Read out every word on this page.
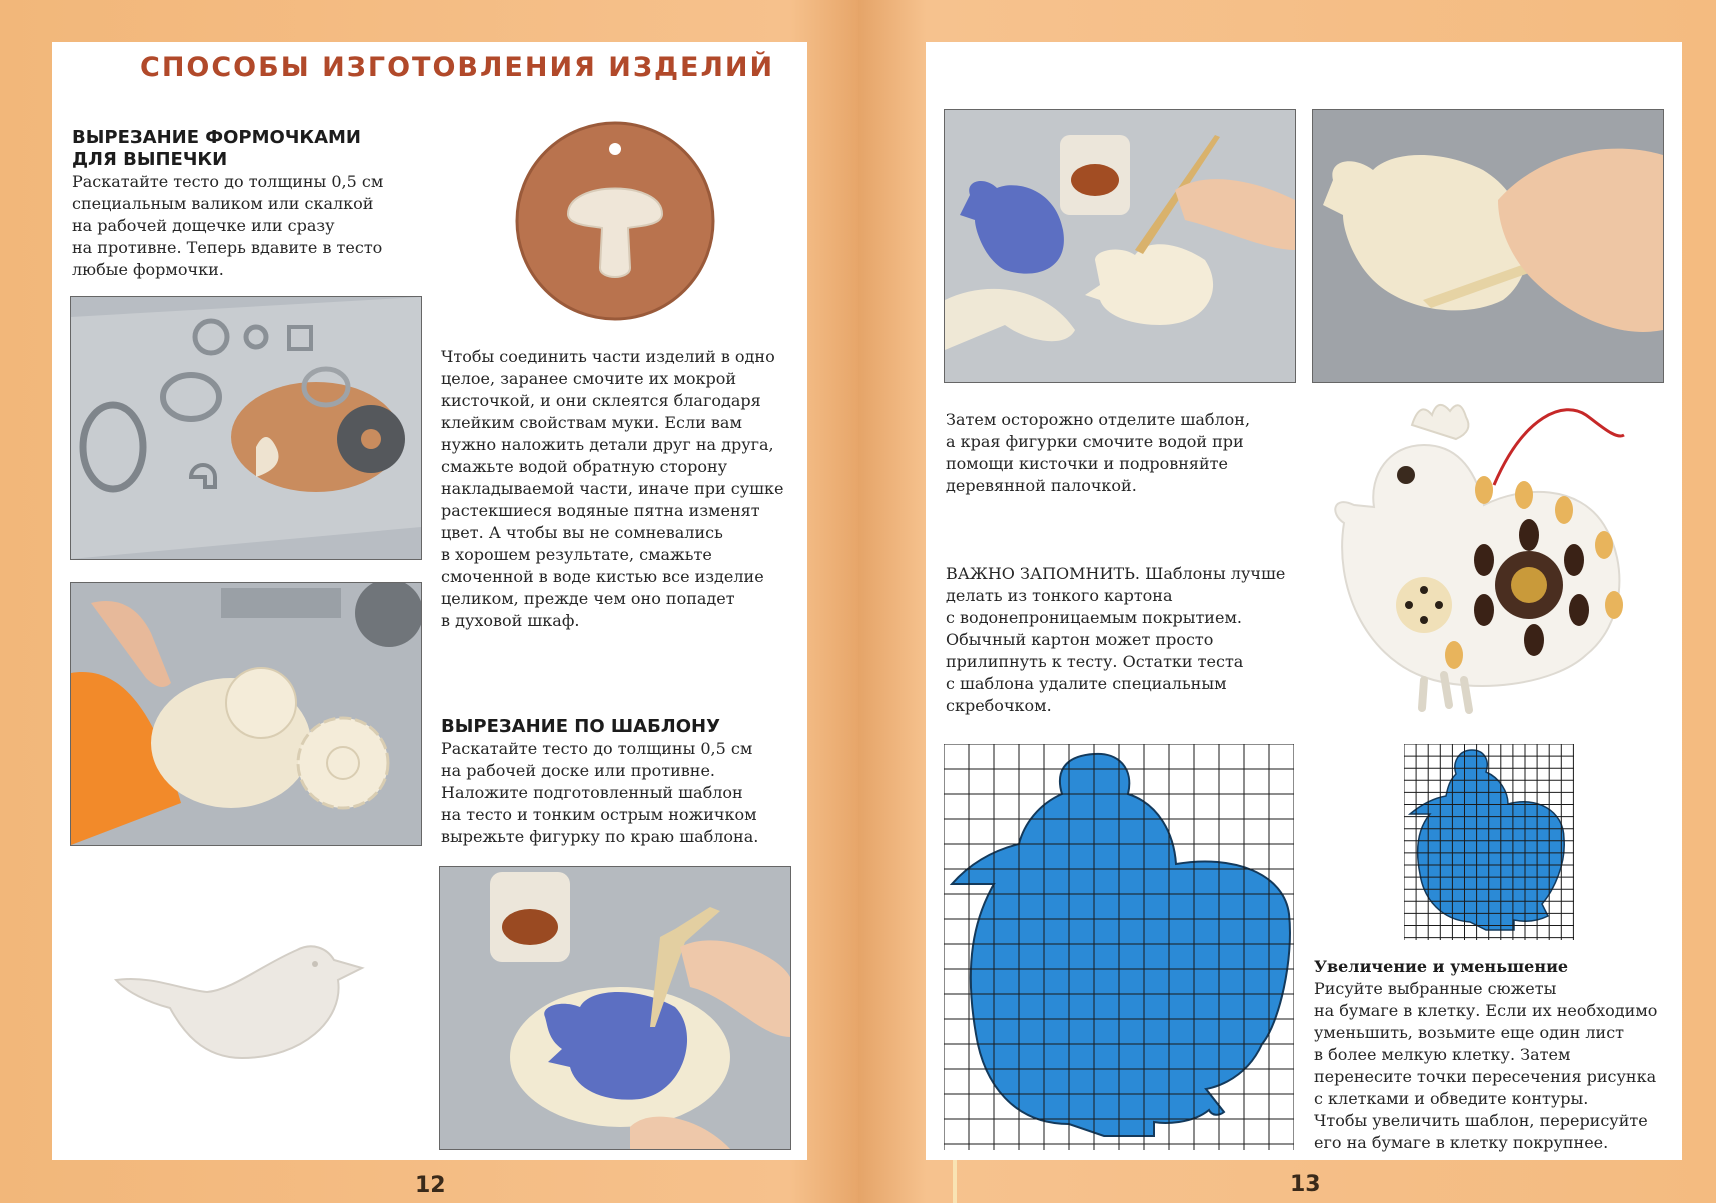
СПОСОБЫ ИЗГОТОВЛЕНИЯ ИЗДЕЛИЙ
ВЫРЕЗАНИЕ ФОРМОЧКАМИ
ДЛЯ ВЫПЕЧКИ
Раскатайте тесто до толщины 0,5 см
специальным валиком или скалкой
на рабочей дощечке или сразу
на противне. Теперь вдавите в тесто
любые формочки.
Чтобы соединить части изделий в одно
целое, заранее смочите их мокрой
кисточкой, и они склеятся благодаря
клейким свойствам муки. Если вам
нужно наложить детали друг на друга,
смажьте водой обратную сторону
накладываемой части, иначе при сушке
растекшиеся водяные пятна изменят
цвет. А чтобы вы не сомневались
в хорошем результате, смажьте
смоченной в воде кистью все изделие
целиком, прежде чем оно попадет
в духовой шкаф.
ВЫРЕЗАНИЕ ПО ШАБЛОНУ
Раскатайте тесто до толщины 0,5 см
на рабочей доске или противне.
Наложите подготовленный шаблон
на тесто и тонким острым ножичком
вырежьте фигурку по краю шаблона.
12
Затем осторожно отделите шаблон,
а края фигурки смочите водой при
помощи кисточки и подровняйте
деревянной палочкой.
ВАЖНО ЗАПОМНИТЬ. Шаблоны лучше
делать из тонкого картона
с водонепроницаемым покрытием.
Обычный картон может просто
прилипнуть к тесту. Остатки теста
с шаблона удалите специальным
скребочком.
Увеличение и уменьшение
Рисуйте выбранные сюжеты
на бумаге в клетку. Если их необходимо
уменьшить, возьмите еще один лист
в более мелкую клетку. Затем
перенесите точки пересечения рисунка
с клетками и обведите контуры.
Чтобы увеличить шаблон, перерисуйте
его на бумаге в клетку покрупнее.
13
